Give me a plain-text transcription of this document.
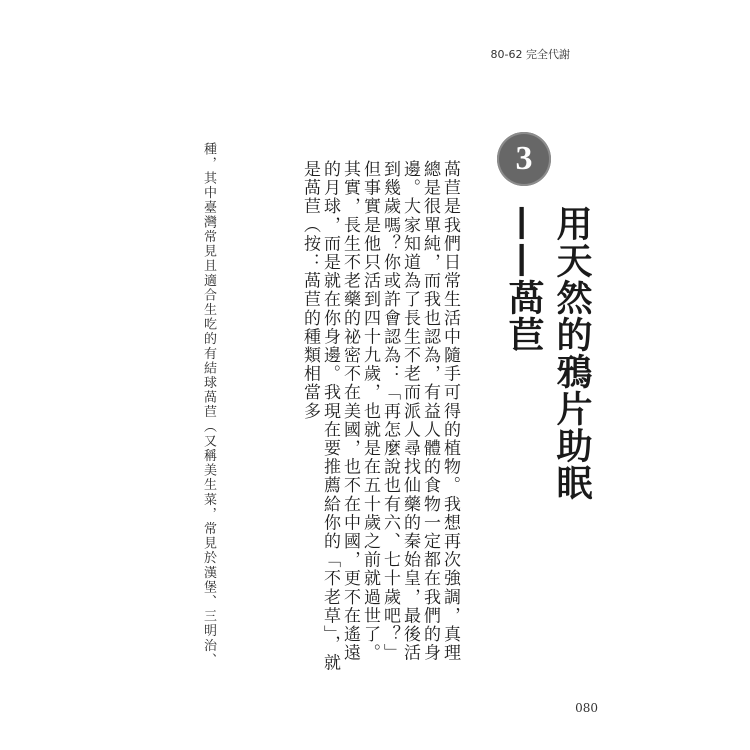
80-62 完全代謝
3
用天然的鴉片助眠
——萵苣

萵苣是我們日常生活中隨手可得的植物。我想再次強調，真理總是很單純，而我也認為，有益人體的食物一定都在我們的身邊。大家知道為了長生不老而派人尋找仙藥的秦始皇，最後活到幾歲嗎？你或許會認為：「再怎麼說也有六、七十歲吧？」但事實是他只活到四十九歲，也就是在五十歲之前就過世了。

其實，長生不老藥的祕密不在美國，也不在中國，更不在遙遠的月球，而是就在你身邊。我現在要推薦給你的「不老草」，就是萵苣（按：萵苣的種類相當多

種，其中臺灣常見且適合生吃的有結球萵苣（又稱美生菜，常見於漢堡、三明治、
080
